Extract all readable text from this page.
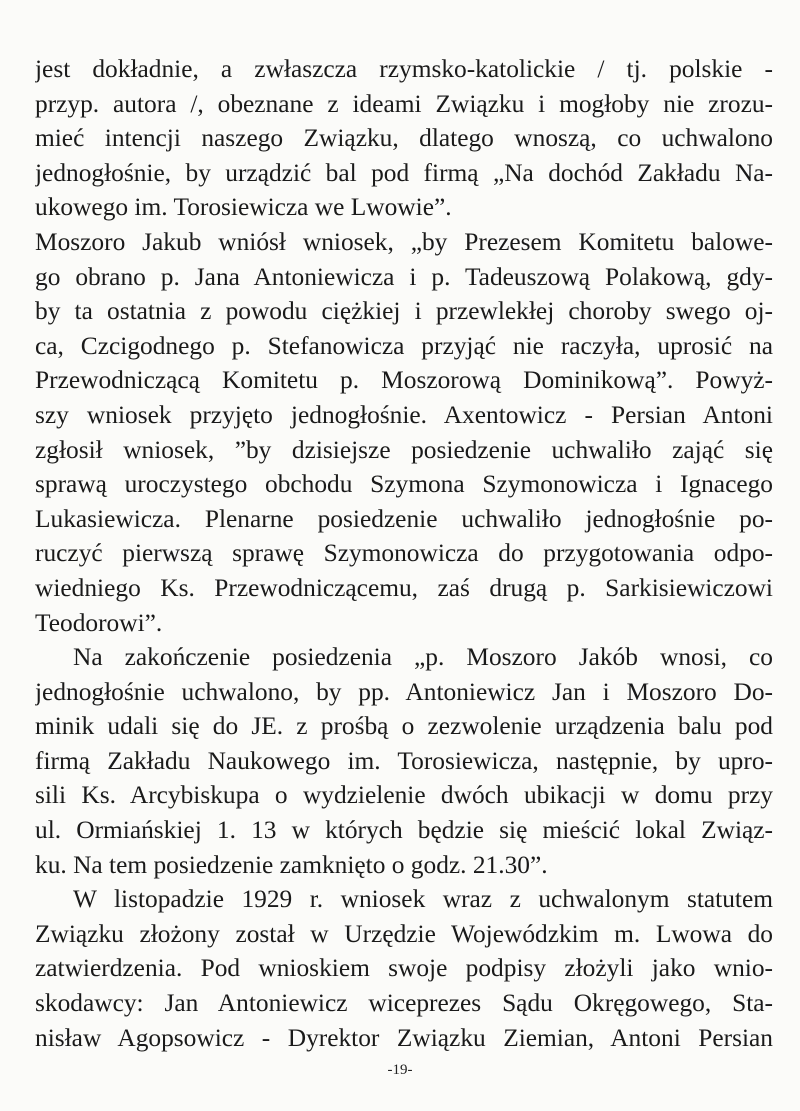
jest dokładnie, a zwłaszcza rzymsko-katolickie / tj. polskie -
przyp. autora /, obeznane z ideami Związku i mogłoby nie zrozu-
mieć intencji naszego Związku, dlatego wnoszą, co uchwalono
jednogłośnie, by urządzić bal pod firmą „Na dochód Zakładu Na-
ukowego im. Torosiewicza we Lwowie”.
Moszoro Jakub wniósł wniosek, „by Prezesem Komitetu balowe-
go obrano p. Jana Antoniewicza i p. Tadeuszową Polakową, gdy-
by ta ostatnia z powodu ciężkiej i przewlekłej choroby swego oj-
ca, Czcigodnego p. Stefanowicza przyjąć nie raczyła, uprosić na
Przewodniczącą Komitetu p. Moszorową Dominikową”. Powyż-
szy wniosek przyjęto jednogłośnie. Axentowicz - Persian Antoni
zgłosił wniosek, ”by dzisiejsze posiedzenie uchwaliło zająć się
sprawą uroczystego obchodu Szymona Szymonowicza i Ignacego
Lukasiewicza. Plenarne posiedzenie uchwaliło jednogłośnie po-
ruczyć pierwszą sprawę Szymonowicza do przygotowania odpo-
wiedniego Ks. Przewodniczącemu, zaś drugą p. Sarkisiewiczowi
Teodorowi”.
Na zakończenie posiedzenia „p. Moszoro Jakób wnosi, co
jednogłośnie uchwalono, by pp. Antoniewicz Jan i Moszoro Do-
minik udali się do JE. z prośbą o zezwolenie urządzenia balu pod
firmą Zakładu Naukowego im. Torosiewicza, następnie, by upro-
sili Ks. Arcybiskupa o wydzielenie dwóch ubikacji w domu przy
ul. Ormiańskiej 1. 13 w których będzie się mieścić lokal Związ-
ku. Na tem posiedzenie zamknięto o godz. 21.30”.
W listopadzie 1929 r. wniosek wraz z uchwalonym statutem
Związku złożony został w Urzędzie Wojewódzkim m. Lwowa do
zatwierdzenia. Pod wnioskiem swoje podpisy złożyli jako wnio-
skodawcy: Jan Antoniewicz wiceprezes Sądu Okręgowego, Sta-
nisław Agopsowicz - Dyrektor Związku Ziemian, Antoni Persian
-19-
